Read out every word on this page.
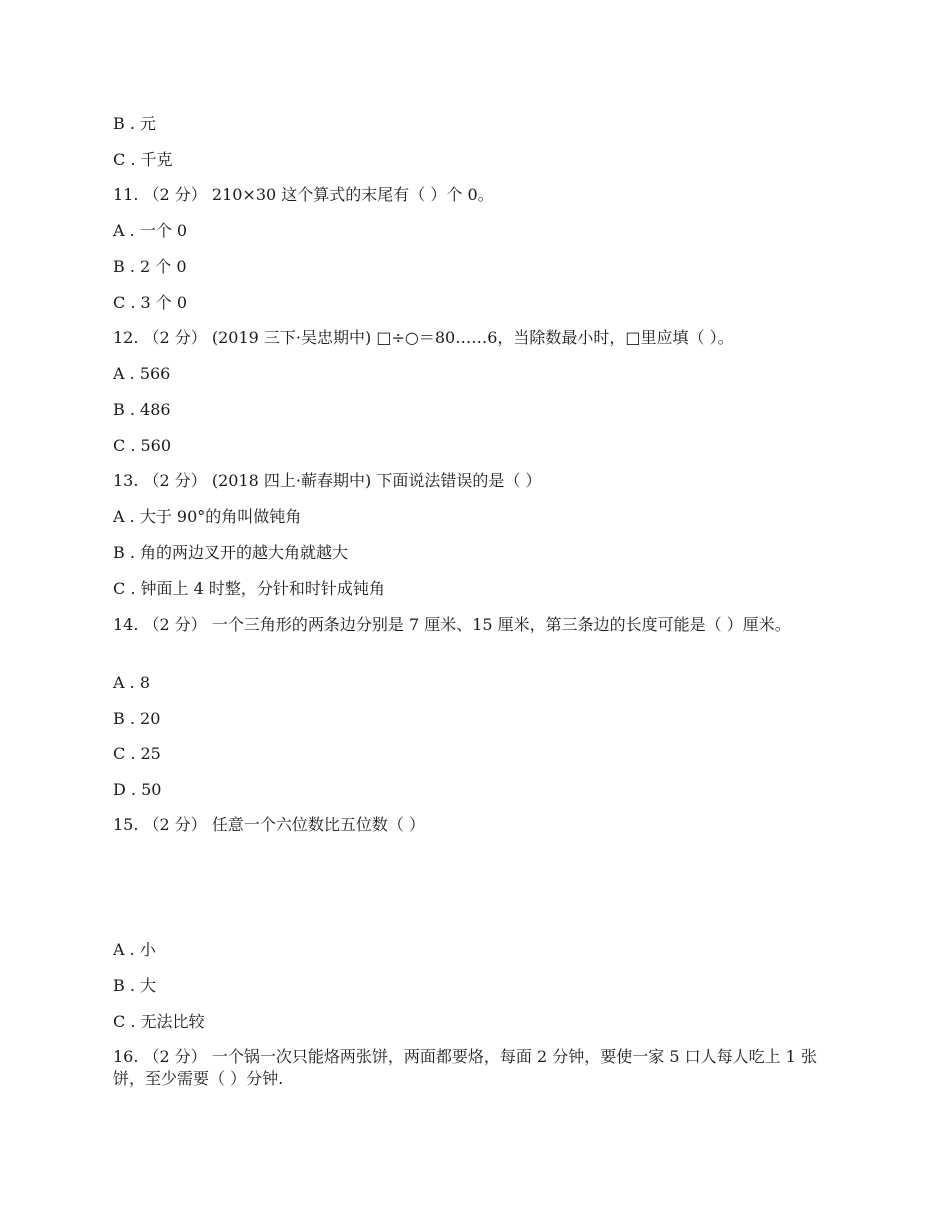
B . 元
C . 千克
11. （2 分） 210×30 这个算式的末尾有（ ）个 0。
A . 一个 0
B . 2 个 0
C . 3 个 0
12. （2 分） (2019 三下·吴忠期中) □÷○＝80……6，当除数最小时，□里应填（ ）。
A . 566
B . 486
C . 560
13. （2 分） (2018 四上·蕲春期中) 下面说法错误的是（ ）
A . 大于 90°的角叫做钝角
B . 角的两边叉开的越大角就越大
C . 钟面上 4 时整，分针和时针成钝角
14. （2 分） 一个三角形的两条边分别是 7 厘米、15 厘米，第三条边的长度可能是（ ）厘米。
A . 8
B . 20
C . 25
D . 50
15. （2 分） 任意一个六位数比五位数（ ）
A . 小
B . 大
C . 无法比较
16. （2 分） 一个锅一次只能烙两张饼，两面都要烙，每面 2 分钟，要使一家 5 口人每人吃上 1 张饼，至少需要（ ）分钟.
